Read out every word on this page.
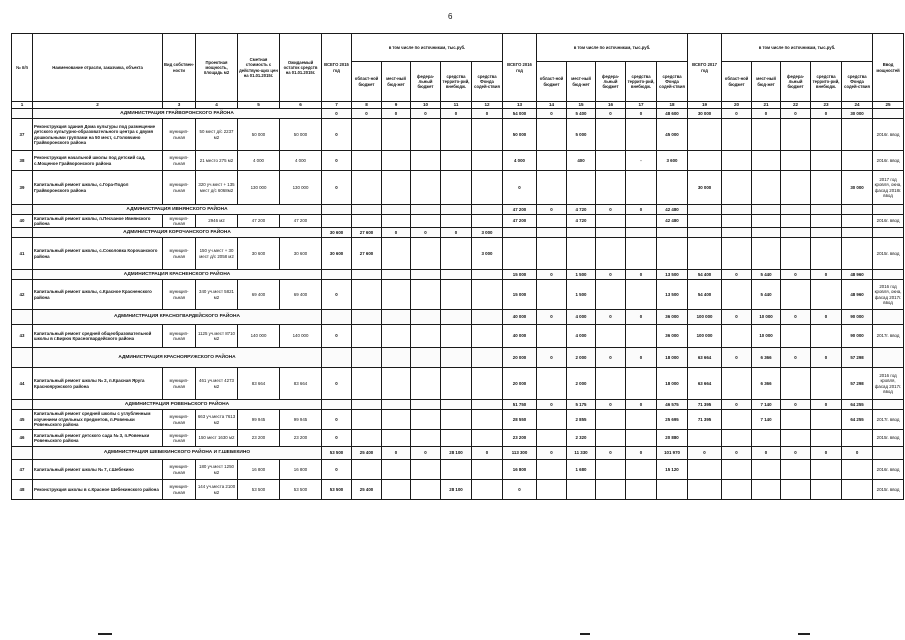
6
№ п/п	Наименование отрасли, заказчика, объекта	Вид собствен-ности	Проектная мощность, площадь м2	Сметная стоимость с действую-щих цен на 01.01.2015г.	Ожидаемый остаток средств на 01.01.2015г.	ВСЕГО 2015 год	в том числе по источникам, тыс.руб.					ВСЕГО 2016 год	в том числе по источникам, тыс.руб.					ВСЕГО 2017 год	в том числе по источникам, тыс.руб.					Ввод мощностей
							област-ной бюджет	мест-ный бюд-жет	федера-льный бюджет	средства террито-рий, внебюдж.	средства Фонда содей-ствия		област-ной бюджет	мест-ный бюд-жет	федера-льный бюджет	средства террито-рий, внебюдж.	средства Фонда содей-ствия		област-ной бюджет	мест-ный бюд-жет	федера-льный бюджет	средства террито-рий, внебюдж.	средства Фонда содей-ствия	
1	2	3	4	5	6	7	8	9	10	11	12	13	14	15	16	17	18	19	20	21	22	23	24	25
	АДМИНИСТРАЦИЯ ГРАЙВОРОНСКОГО РАЙОНА					0	0	0	0	0	0	54 000	0	5 400	0	0	48 600	30 000	0	0	0	0	30 000	
37	Реконструкция здания Дома культуры под размещение детского культурно-образовательного центра с двумя дошкольными группами на 50 мест, с.Головчино Грайворонского района	муницип-льная	50 мест д/с 2237 м2	50 000	50 000	0						50 000		5 000			45 000							2016г. ввод
38	Реконструкция начальной школы под детский сад, с.Мощеное Грайворонского района	муницип-льная	21 место 275 м2	4 000	4 000	0						4 000		400		-	3 600							2016г. ввод
39	Капитальный ремонт школы, с.Гора-Подол Грайворонского района	муницип-льная	320 уч.мест + 135 мест д/с 6068м2	130 000	130 000	0						0						30 000					30 000	2017 год кровля, окна, фасад 2018г. ввод
	АДМИНИСТРАЦИЯ ИВНЯНСКОГО РАЙОНА											47 200	0	4 720	0	0	42 480							
40	Капитальный ремонт школы, п.Песчаное Ивнянского района	муницип-льная	2946 м2	47 200	47 200							47 200		4 720			42 480							2016г. ввод
	АДМИНИСТРАЦИЯ КОРОЧАНСКОГО РАЙОНА					30 600	27 600	0	0	0	3 000													
41	Капитальный ремонт школы, с.Соколовка Корочанского района	муницип-льная	150 уч.мест + 30 мест д/с 2058 м2	30 600	30 600	30 600	27 600				3 000													2015г. ввод
	АДМИНИСТРАЦИЯ КРАСНЕНСКОГО РАЙОНА											15 000	0	1 500	0	0	13 500	54 400	0	5 440	0	0	48 960	
42	Капитальный ремонт школы, с.Красное Красненского района	муницип-льная	340 уч.мест 5821 м2	69 400	69 400	0						15 000		1 500			13 500	54 400		5 440			48 960	2016 год кровля, окна, фасад 2017г. ввод
	АДМИНИСТРАЦИЯ КРАСНОГВАРДЕЙСКОГО РАЙОНА											40 000	0	4 000	0	0	36 000	100 000	0	10 000	0	0	90 000	
43	Капитальный ремонт средней общеобразовательной школы в г.Бирюч Красногвардейского района	муницип-льная	1125 уч.мест 8710 м2	140 000	140 000	0						40 000		4 000			36 000	100 000		10 000			90 000	2017г. ввод
	АДМИНИСТРАЦИЯ КРАСНОЯРУЖСКОГО РАЙОНА											20 000	0	2 000	0	0	18 000	63 664	0	6 366	0	0	57 298	
44	Капитальный ремонт школы № 2, п.Красная Яруга Краснояружского района	муницип-льная	461 уч.мест 4273 м2	83 664	83 664	0						20 000		2 000			18 000	63 664		6 366			57 298	2016 год кровля, фасад 2017г. ввод
	АДМИНИСТРАЦИЯ РОВЕНЬСКОГО РАЙОНА											51 750	0	5 175	0	0	46 575	71 395	0	7 140	0	0	64 255	
45	Капитальный ремонт средней школы с углубленным изучением отдельных предметов, п.Ровеньки Ровеньского района	муницип-льная	663 уч.места 7613 м2	99 945	99 945	0						28 550		2 855			25 695	71 395		7 140			64 255	2017г. ввод
46	Капитальный ремонт детского сада № 3, п.Ровеньки Ровеньского района	муницип-льная	150 мест 1630 м2	23 200	23 200	0						23 200		2 320			20 880							2015г. ввод
	АДМИНИСТРАЦИЯ ШЕБЕКИНСКОГО РАЙОНА И Г.ШЕБЕКИНО					53 500	25 400	0	0	28 100	0	113 300	0	11 330	0	0	101 970	0	0	0	0	0	0	
47	Капитальный ремонт школы № 7, г.Шебекино	муницип-льная	180 уч.мест 1250 м2	16 800	16 800	0						16 800		1 680			15 120							2016г. ввод
48	Реконструкция школы в с.Красное Шебекинского района	муницип-льная	144 уч.места 2100 м2	53 500	53 500	53 500	25 400			28 100		0												2015г. ввод
